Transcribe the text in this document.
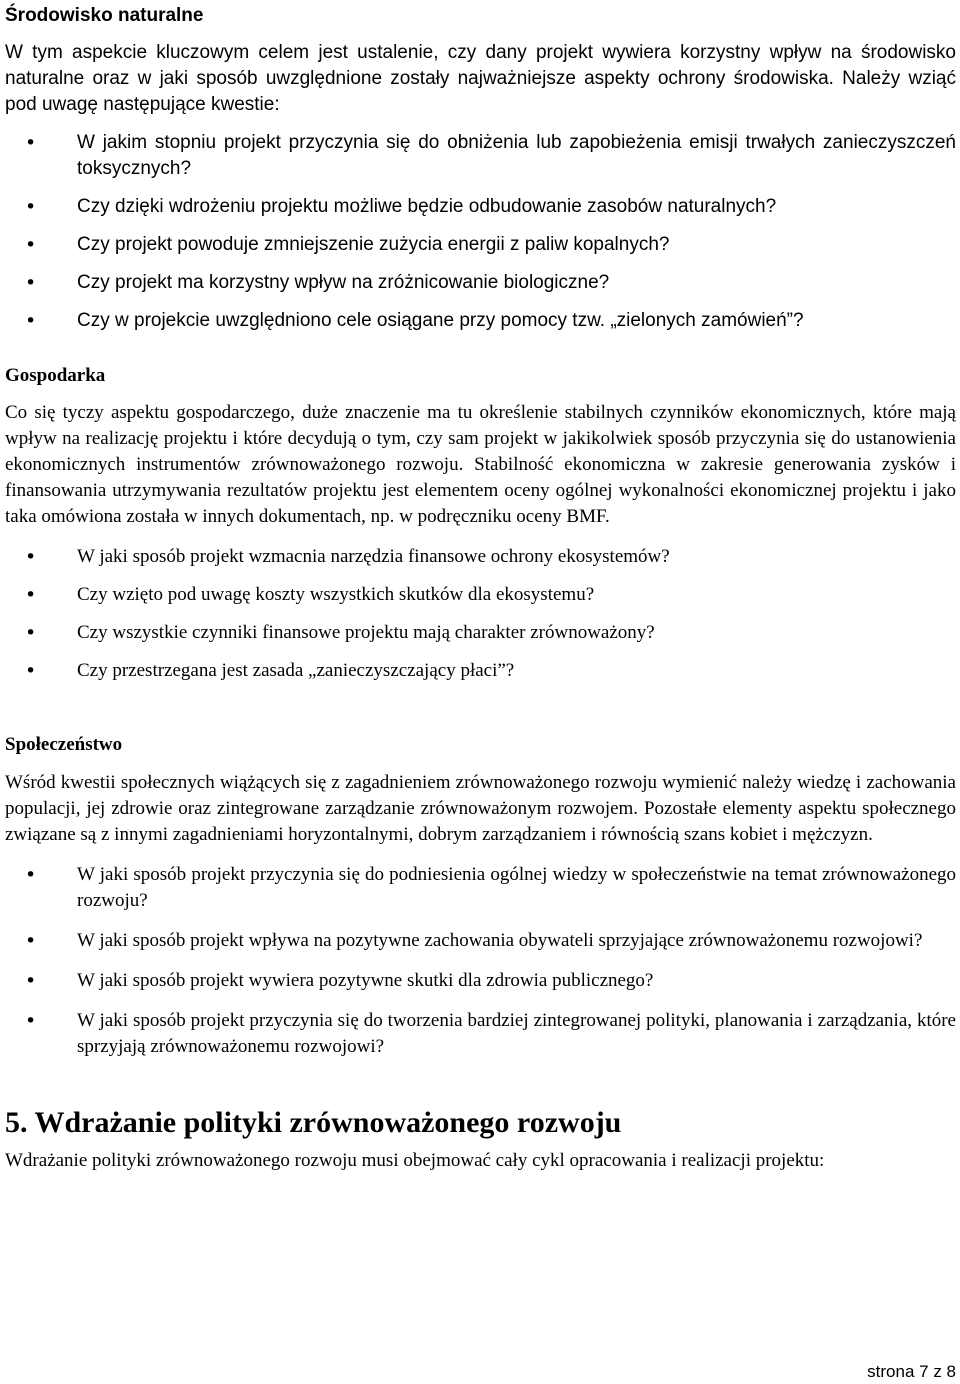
Środowisko naturalne

W tym aspekcie kluczowym celem jest ustalenie, czy dany projekt wywiera korzystny wpływ na środowisko naturalne oraz w jaki sposób uwzględnione zostały najważniejsze aspekty ochrony środowiska. Należy wziąć pod uwagę następujące kwestie:

• W jakim stopniu projekt przyczynia się do obniżenia lub zapobieżenia emisji trwałych zanieczyszczeń toksycznych?
• Czy dzięki wdrożeniu projektu możliwe będzie odbudowanie zasobów naturalnych?
• Czy projekt powoduje zmniejszenie zużycia energii z paliw kopalnych?
• Czy projekt ma korzystny wpływ na zróżnicowanie biologiczne?
• Czy w projekcie uwzględniono cele osiągane przy pomocy tzw. „zielonych zamówień”?
Gospodarka

Co się tyczy aspektu gospodarczego, duże znaczenie ma tu określenie stabilnych czynników ekonomicznych, które mają wpływ na realizację projektu i które decydują o tym, czy sam projekt w jakikolwiek sposób przyczynia się do ustanowienia ekonomicznych instrumentów zrównoważonego rozwoju. Stabilność ekonomiczna w zakresie generowania zysków i finansowania utrzymywania rezultatów projektu jest elementem oceny ogólnej wykonalności ekonomicznej projektu i jako taka omówiona została w innych dokumentach, np. w podręczniku oceny BMF.

• W jaki sposób projekt wzmacnia narzędzia finansowe ochrony ekosystemów?
• Czy wzięto pod uwagę koszty wszystkich skutków dla ekosystemu?
• Czy wszystkie czynniki finansowe projektu mają charakter zrównoważony?
• Czy przestrzegana jest zasada „zanieczyszczający płaci”?
Społeczeństwo

Wśród kwestii społecznych wiążących się z zagadnieniem zrównoważonego rozwoju wymienić należy wiedzę i zachowania populacji, jej zdrowie oraz zintegrowane zarządzanie zrównoważonym rozwojem. Pozostałe elementy aspektu społecznego związane są z innymi zagadnieniami horyzontalnymi, dobrym zarządzaniem i równością szans kobiet i mężczyzn.

• W jaki sposób projekt przyczynia się do podniesienia ogólnej wiedzy w społeczeństwie na temat zrównoważonego rozwoju?
• W jaki sposób projekt wpływa na pozytywne zachowania obywateli sprzyjające zrównoważonemu rozwojowi?
• W jaki sposób projekt wywiera pozytywne skutki dla zdrowia publicznego?
• W jaki sposób projekt przyczynia się do tworzenia bardziej zintegrowanej polityki, planowania i zarządzania, które sprzyjają zrównoważonemu rozwojowi?
5. Wdrażanie polityki zrównoważonego rozwoju

Wdrażanie polityki zrównoważonego rozwoju musi obejmować cały cykl opracowania i realizacji projektu:

strona 7 z 8
